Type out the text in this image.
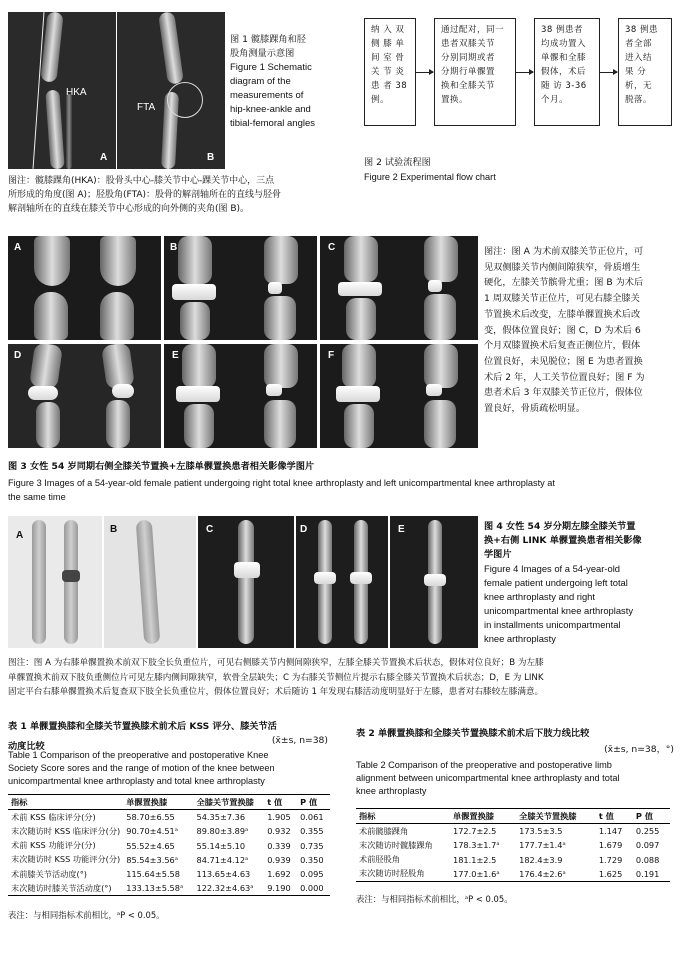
HKA
A
FTA
B
图 1 髋膝踝角和胫
股角测量示意图
Figure 1 Schematic
diagram of the
measurements of
hip-knee-ankle and
tibial-femoral angles
图注：髋膝踝角(HKA)：股骨头中心-膝关节中心-踝关节中心，三点
所形成的角度(图 A)；胫股角(FTA)：股骨的解剖轴所在的直线与胫骨
解剖轴所在的直线在膝关节中心形成的向外侧的夹角(图 B)。
纳 入 双
侧 膝 单
间 室 骨
关 节 炎
患 者 38
例。
通过配对，同一
患者双膝关节
分别同期或者
分期行单髁置
换和全膝关节
置换。
38 例患者
均成功置入
单髁和全膝
假体，术后
随 访 3-36
个月。
38 例患
者全部
进入结
果 分
析，无
脱落。
图 2 试验流程图
Figure 2 Experimental flow chart
A	B	C
D	E	F
图注：图 A 为术前双膝关节正位片，可
见双侧膝关节内侧间隙狭窄，骨质增生
硬化，左膝关节髌骨尤重；图 B 为术后
1 周双膝关节正位片，可见右膝全膝关
节置换术后改变，左膝单髁置换术后改
变，假体位置良好；图 C，D 为术后 6
个月双膝置换术后复查正侧位片，假体
位置良好，未见脱位；图 E 为患者置换
术后 2 年，人工关节位置良好；图 F 为
患者术后 3 年双膝关节正位片，假体位
置良好，骨质疏松明显。
图 3 女性 54 岁同期右侧全膝关节置换+左膝单髁置换患者相关影像学图片
Figure 3 Images of a 54-year-old female patient undergoing right total knee arthroplasty and left unicompartmental knee arthroplasty at
the same time
A
B	C	D	E	图 4 女性 54 岁分期左膝全膝关节置
换+右侧 LINK 单髁置换患者相关影像
学图片
Figure 4 Images of a 54-year-old
female patient undergoing left total
knee arthroplasty and right
unicompartmental knee arthroplasty
in installments unicompartmental
knee arthroplasty
图注：图 A 为右膝单髁置换术前双下肢全长负重位片，可见右侧膝关节内侧间隙狭窄，左膝全膝关节置换术后状态，假体对位良好；B 为左膝
单髁置换术前双下肢负重侧位片可见左膝内侧间隙狭窄，软骨全层缺失；C 为右膝关节侧位片提示右膝全膝关节置换术后状态；D，E 为 LINK
固定平台右膝单髁置换术后复查双下肢全长负重位片，假体位置良好；术后随访 1 年发现右膝活动度明显好于左膝，患者对右膝较左膝满意。
表 1 单髁置换膝和全膝关节置换膝术前术后 KSS 评分、膝关节活
动度比较
(x̄±s, n=38)
Table 1 Comparison of the preoperative and postoperative Knee
Society Score sores and the range of motion of the knee between
unicompartmental knee arthroplasty and total knee arthroplasty
指标	单髁置换膝	全膝关节置换膝	t 值	P 值
术前 KSS 临床评分(分)	58.70±6.55	54.35±7.36	1.905	0.061
末次随访时 KSS 临床评分(分)	90.70±4.51ᵃ	89.80±3.89ᵃ	0.932	0.355
术前 KSS 功能评分(分)	55.52±4.65	55.14±5.10	0.339	0.735
末次随访时 KSS 功能评分(分)	85.54±3.56ᵃ	84.71±4.12ᵃ	0.939	0.350
术前膝关节活动度(°)	115.64±5.58	113.65±4.63	1.692	0.095
末次随访时膝关节活动度(°)	133.13±5.58ᵃ	122.32±4.63ᵃ	9.190	0.000
表注：与相同指标术前相比，ᵃP < 0.05。
表 2 单髁置换膝和全膝关节置换膝术前术后下肢力线比较
(x̄±s, n=38，°)
Table 2 Comparison of the preoperative and postoperative limb
alignment between unicompartmental knee arthroplasty and total
knee arthroplasty
指标	单髁置换膝	全膝关节置换膝	t 值	P 值
术前髋膝踝角	172.7±2.5	173.5±3.5	1.147	0.255
末次随访时髋膝踝角	178.3±1.7ᵃ	177.7±1.4ᵃ	1.679	0.097
术前胫股角	181.1±2.5	182.4±3.9	1.729	0.088
末次随访时胫股角	177.0±1.6ᵃ	176.4±2.6ᵃ	1.625	0.191
表注：与相同指标术前相比，ᵃP < 0.05。
